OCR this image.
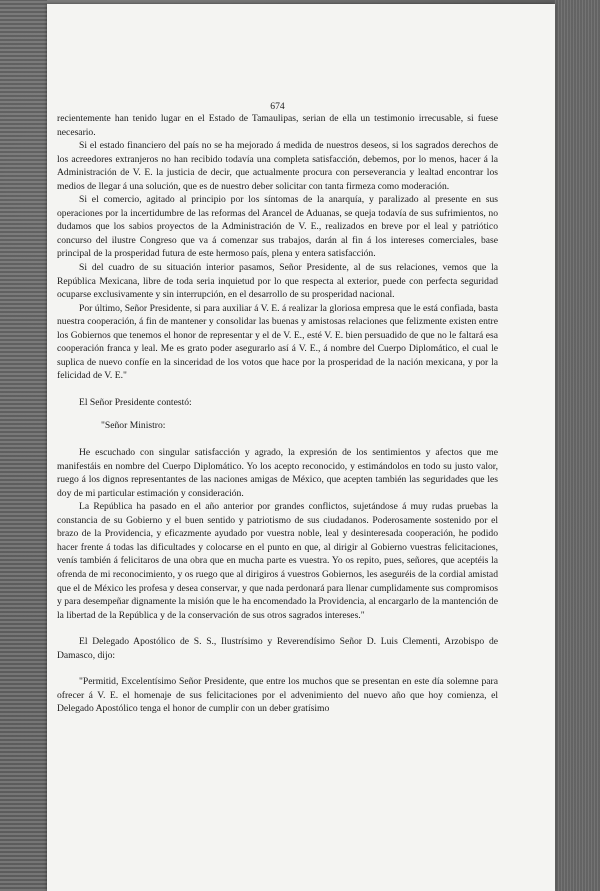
674

recientemente han tenido lugar en el Estado de Tamaulipas, serian de ella un testimonio irrecusable, si fuese necesario.

Si el estado financiero del país no se ha mejorado á medida de nuestros deseos, si los sagrados derechos de los acreedores extranjeros no han recibido todavía una completa satisfacción, debemos, por lo menos, hacer á la Administración de V. E. la justicia de decir, que actualmente procura con perseverancia y lealtad encontrar los medios de llegar á una solución, que es de nuestro deber solicitar con tanta firmeza como moderación.

Si el comercio, agitado al principio por los síntomas de la anarquía, y paralizado al presente en sus operaciones por la incertidumbre de las reformas del Arancel de Aduanas, se queja todavía de sus sufrimientos, no dudamos que los sabios proyectos de la Administración de V. E., realizados en breve por el leal y patriótico concurso del ilustre Congreso que va á comenzar sus trabajos, darán al fin á los intereses comerciales, base principal de la prosperidad futura de este hermoso país, plena y entera satisfacción.

Si del cuadro de su situación interior pasamos, Señor Presidente, al de sus relaciones, vemos que la República Mexicana, libre de toda seria inquietud por lo que respecta al exterior, puede con perfecta seguridad ocuparse exclusivamente y sin interrupción, en el desarrollo de su prosperidad nacional.

Por último, Señor Presidente, si para auxiliar á V. E. á realizar la gloriosa empresa que le está confiada, basta nuestra cooperación, á fin de mantener y consolidar las buenas y amistosas relaciones que felizmente existen entre los Gobiernos que tenemos el honor de representar y el de V. E., esté V. E. bien persuadido de que no le faltará esa cooperación franca y leal. Me es grato poder asegurarlo así á V. E., á nombre del Cuerpo Diplomático, el cual le suplica de nuevo confíe en la sinceridad de los votos que hace por la prosperidad de la nación mexicana, y por la felicidad de V. E."

El Señor Presidente contestó:

"Señor Ministro:

He escuchado con singular satisfacción y agrado, la expresión de los sentimientos y afectos que me manifestáis en nombre del Cuerpo Diplomático. Yo los acepto reconocido, y estimándolos en todo su justo valor, ruego á los dignos representantes de las naciones amigas de México, que acepten también las seguridades que les doy de mi particular estimación y consideración.

La República ha pasado en el año anterior por grandes conflictos, sujetándose á muy rudas pruebas la constancia de su Gobierno y el buen sentido y patriotismo de sus ciudadanos. Poderosamente sostenido por el brazo de la Providencia, y eficazmente ayudado por vuestra noble, leal y desinteresada cooperación, he podido hacer frente á todas las dificultades y colocarse en el punto en que, al dirigir al Gobierno vuestras felicitaciones, venís también á felicitaros de una obra que en mucha parte es vuestra. Yo os repito, pues, señores, que aceptéis la ofrenda de mi reconocimiento, y os ruego que al dirigiros á vuestros Gobiernos, les aseguréis de la cordial amistad que el de México les profesa y desea conservar, y que nada perdonará para llenar cumplidamente sus compromisos y para desempeñar dignamente la misión que le ha encomendado la Providencia, al encargarlo de la mantención de la libertad de la República y de la conservación de sus otros sagrados intereses."

El Delegado Apostólico de S. S., Ilustrísimo y Reverendísimo Señor D. Luis Clementi, Arzobispo de Damasco, dijo:

"Permitid, Excelentísimo Señor Presidente, que entre los muchos que se presentan en este día solemne para ofrecer á V. E. el homenaje de sus felicitaciones por el advenimiento del nuevo año que hoy comienza, el Delegado Apostólico tenga el honor de cumplir con un deber gratísimo
